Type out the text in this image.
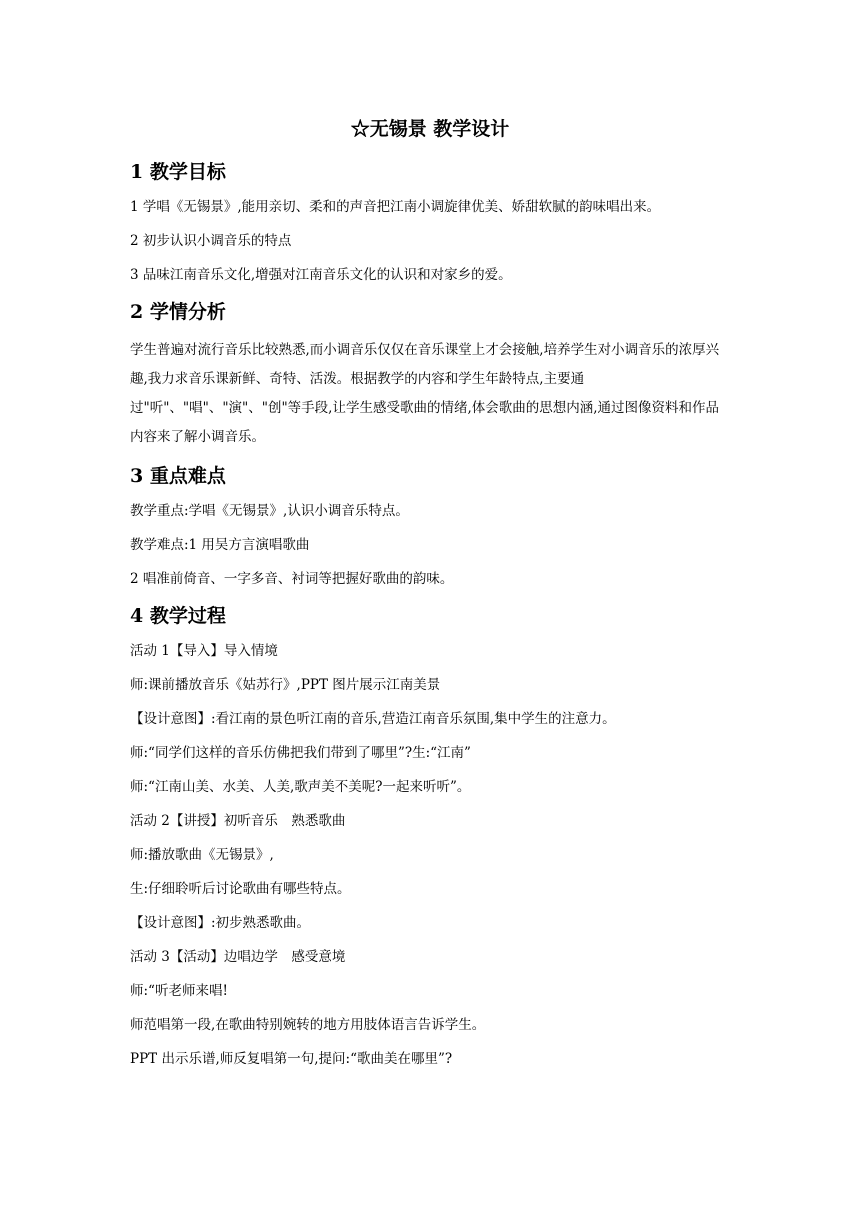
☆无锡景 教学设计
1 教学目标
1 学唱《无锡景》,能用亲切、柔和的声音把江南小调旋律优美、娇甜软腻的韵味唱出来。
2 初步认识小调音乐的特点
3 品味江南音乐文化,增强对江南音乐文化的认识和对家乡的爱。
2 学情分析
学生普遍对流行音乐比较熟悉,而小调音乐仅仅在音乐课堂上才会接触,培养学生对小调音乐的浓厚兴趣,我力求音乐课新鲜、奇特、活泼。根据教学的内容和学生年龄特点,主要通过"听"、"唱"、"演"、"创"等手段,让学生感受歌曲的情绪,体会歌曲的思想内涵,通过图像资料和作品内容来了解小调音乐。
3 重点难点
教学重点:学唱《无锡景》,认识小调音乐特点。
教学难点:1 用吴方言演唱歌曲
2 唱准前倚音、一字多音、衬词等把握好歌曲的韵味。
4 教学过程
活动 1【导入】导入情境
师:课前播放音乐《姑苏行》,PPT 图片展示江南美景
【设计意图】:看江南的景色听江南的音乐,营造江南音乐氛围,集中学生的注意力。
师:“同学们这样的音乐仿佛把我们带到了哪里”?生:“江南”
师:“江南山美、水美、人美,歌声美不美呢?一起来听听”。
活动 2【讲授】初听音乐　熟悉歌曲
师:播放歌曲《无锡景》,
生:仔细聆听后讨论歌曲有哪些特点。
【设计意图】:初步熟悉歌曲。
活动 3【活动】边唱边学　感受意境
师:“听老师来唱!
师范唱第一段,在歌曲特别婉转的地方用肢体语言告诉学生。
PPT 出示乐谱,师反复唱第一句,提问:“歌曲美在哪里”?
